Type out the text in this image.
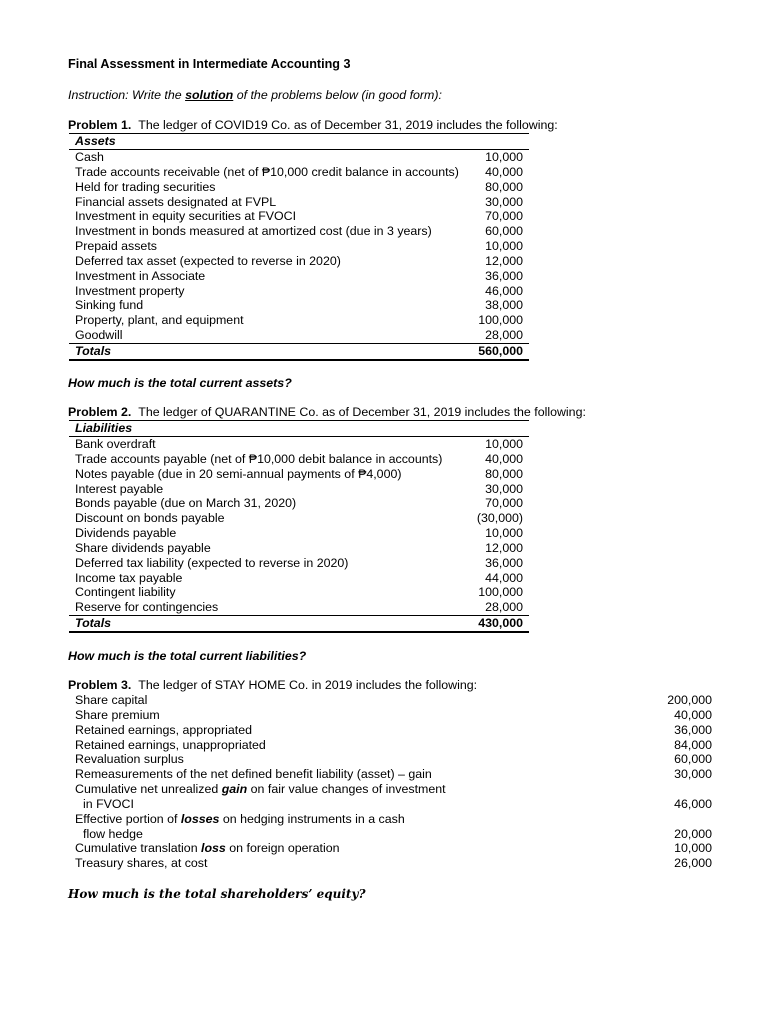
Final Assessment in Intermediate Accounting 3
Instruction: Write the solution of the problems below (in good form):
Problem 1. The ledger of COVID19 Co. as of December 31, 2019 includes the following:
Assets
Cash	10,000
Trade accounts receivable (net of ₱10,000 credit balance in accounts) 40,000
Held for trading securities	80,000
Financial assets designated at FVPL	30,000
Investment in equity securities at FVOCI	70,000
Investment in bonds measured at amortized cost (due in 3 years)	60,000
Prepaid assets	10,000
Deferred tax asset (expected to reverse in 2020)	12,000
Investment in Associate	36,000
Investment property	46,000
Sinking fund	38,000
Property, plant, and equipment	100,000
Goodwill	28,000
Totals	560,000
How much is the total current assets?
Problem 2. The ledger of QUARANTINE Co. as of December 31, 2019 includes the following:
Liabilities
Bank overdraft	10,000
Trade accounts payable (net of ₱10,000 debit balance in accounts)	40,000
Notes payable (due in 20 semi-annual payments of ₱4,000)	80,000
Interest payable	30,000
Bonds payable (due on March 31, 2020)	70,000
Discount on bonds payable	(30,000)
Dividends payable	10,000
Share dividends payable	12,000
Deferred tax liability (expected to reverse in 2020)	36,000
Income tax payable	44,000
Contingent liability	100,000
Reserve for contingencies	28,000
Totals	430,000
How much is the total current liabilities?
Problem 3. The ledger of STAY HOME Co. in 2019 includes the following:
Share capital	200,000
Share premium	40,000
Retained earnings, appropriated	36,000
Retained earnings, unappropriated	84,000
Revaluation surplus	60,000
Remeasurements of the net defined benefit liability (asset) – gain	30,000
Cumulative net unrealized gain on fair value changes of investment
in FVOCI	46,000
Effective portion of losses on hedging instruments in a cash
flow hedge	20,000
Cumulative translation loss on foreign operation	10,000
Treasury shares, at cost	26,000
How much is the total shareholders’ equity?
